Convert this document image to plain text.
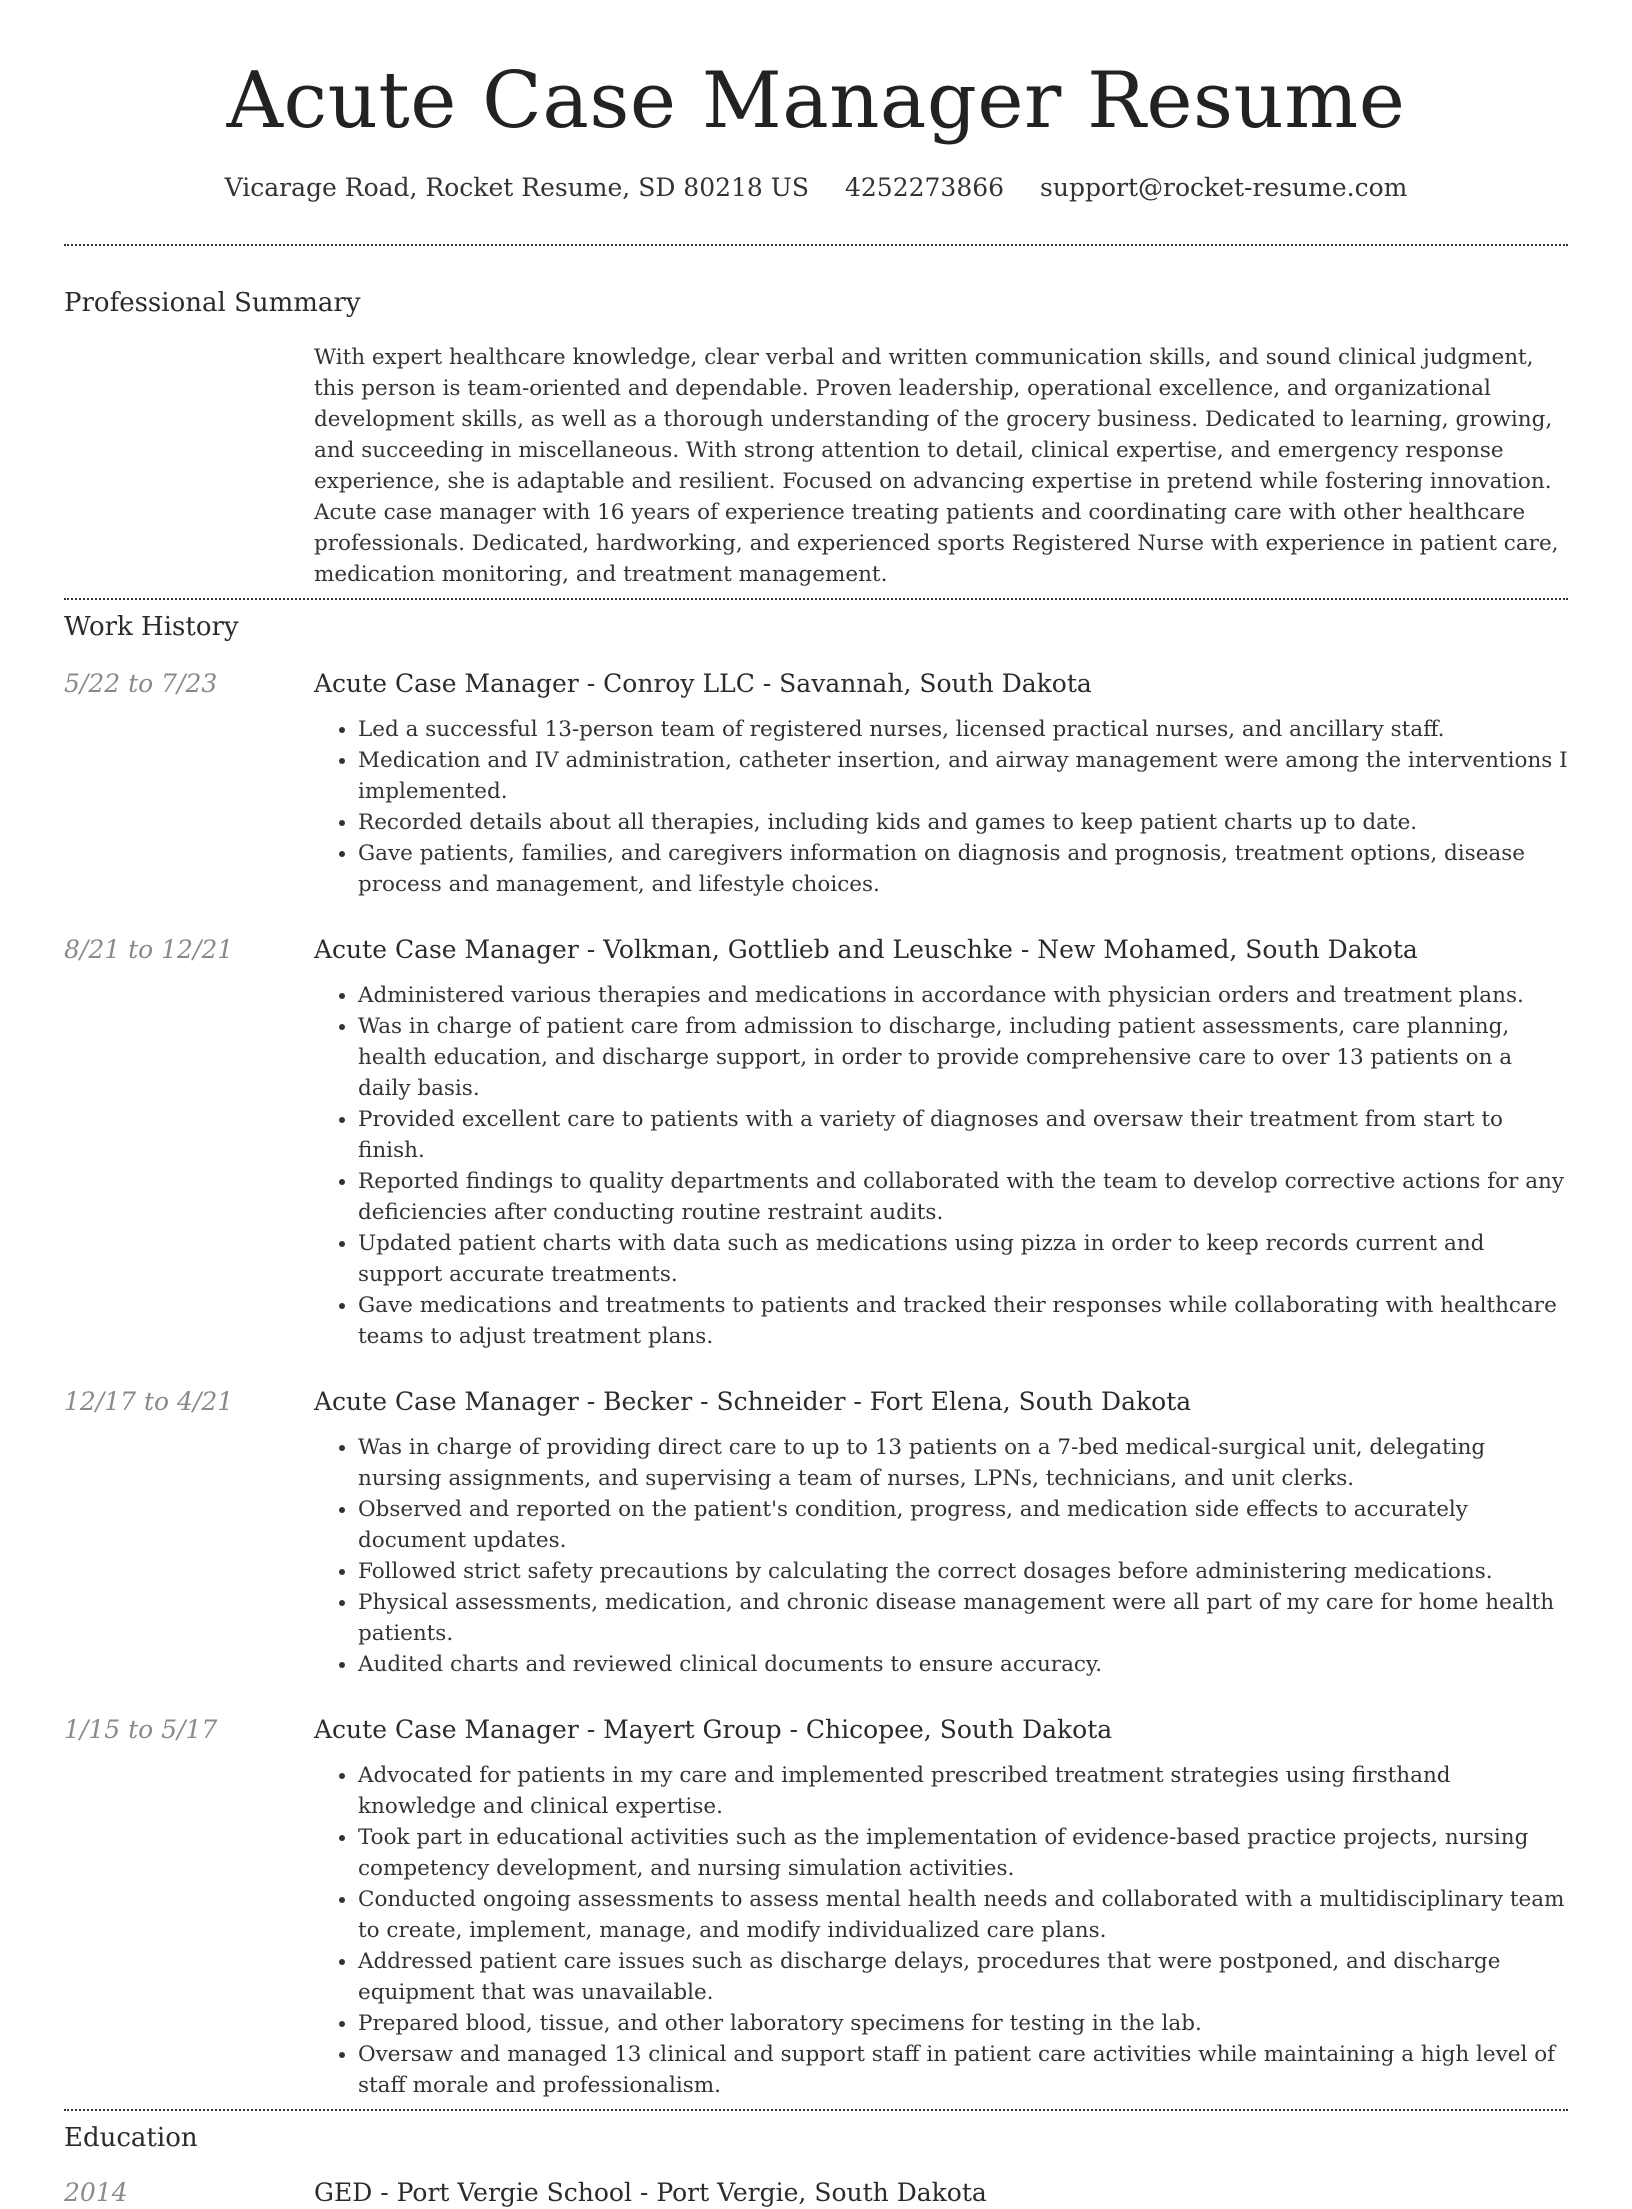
Acute Case Manager Resume
Vicarage Road, Rocket Resume, SD 80218 US 4252273866 support@rocket-resume.com
Professional Summary

With expert healthcare knowledge, clear verbal and written communication skills, and sound clinical judgment, this person is team-oriented and dependable. Proven leadership, operational excellence, and organizational development skills, as well as a thorough understanding of the grocery business. Dedicated to learning, growing, and succeeding in miscellaneous. With strong attention to detail, clinical expertise, and emergency response experience, she is adaptable and resilient. Focused on advancing expertise in pretend while fostering innovation. Acute case manager with 16 years of experience treating patients and coordinating care with other healthcare professionals. Dedicated, hardworking, and experienced sports Registered Nurse with experience in patient care, medication monitoring, and treatment management.

Work History
5/22 to 7/23	Acute Case Manager - Conroy LLC - Savannah, South Dakota
• Led a successful 13-person team of registered nurses, licensed practical nurses, and ancillary staff.
• Medication and IV administration, catheter insertion, and airway management were among the interventions I implemented.
• Recorded details about all therapies, including kids and games to keep patient charts up to date.
• Gave patients, families, and caregivers information on diagnosis and prognosis, treatment options, disease process and management, and lifestyle choices.
8/21 to 12/21	Acute Case Manager - Volkman, Gottlieb and Leuschke - New Mohamed, South Dakota
• Administered various therapies and medications in accordance with physician orders and treatment plans.
• Was in charge of patient care from admission to discharge, including patient assessments, care planning, health education, and discharge support, in order to provide comprehensive care to over 13 patients on a daily basis.
• Provided excellent care to patients with a variety of diagnoses and oversaw their treatment from start to finish.
• Reported findings to quality departments and collaborated with the team to develop corrective actions for any deficiencies after conducting routine restraint audits.
• Updated patient charts with data such as medications using pizza in order to keep records current and support accurate treatments.
• Gave medications and treatments to patients and tracked their responses while collaborating with healthcare teams to adjust treatment plans.
12/17 to 4/21	Acute Case Manager - Becker - Schneider - Fort Elena, South Dakota
• Was in charge of providing direct care to up to 13 patients on a 7-bed medical-surgical unit, delegating nursing assignments, and supervising a team of nurses, LPNs, technicians, and unit clerks.
• Observed and reported on the patient's condition, progress, and medication side effects to accurately document updates.
• Followed strict safety precautions by calculating the correct dosages before administering medications.
• Physical assessments, medication, and chronic disease management were all part of my care for home health patients.
• Audited charts and reviewed clinical documents to ensure accuracy.
1/15 to 5/17	Acute Case Manager - Mayert Group - Chicopee, South Dakota
• Advocated for patients in my care and implemented prescribed treatment strategies using firsthand knowledge and clinical expertise.
• Took part in educational activities such as the implementation of evidence-based practice projects, nursing competency development, and nursing simulation activities.
• Conducted ongoing assessments to assess mental health needs and collaborated with a multidisciplinary team to create, implement, manage, and modify individualized care plans.
• Addressed patient care issues such as discharge delays, procedures that were postponed, and discharge equipment that was unavailable.
• Prepared blood, tissue, and other laboratory specimens for testing in the lab.
• Oversaw and managed 13 clinical and support staff in patient care activities while maintaining a high level of staff morale and professionalism.
Education
2014	GED - Port Vergie School - Port Vergie, South Dakota
